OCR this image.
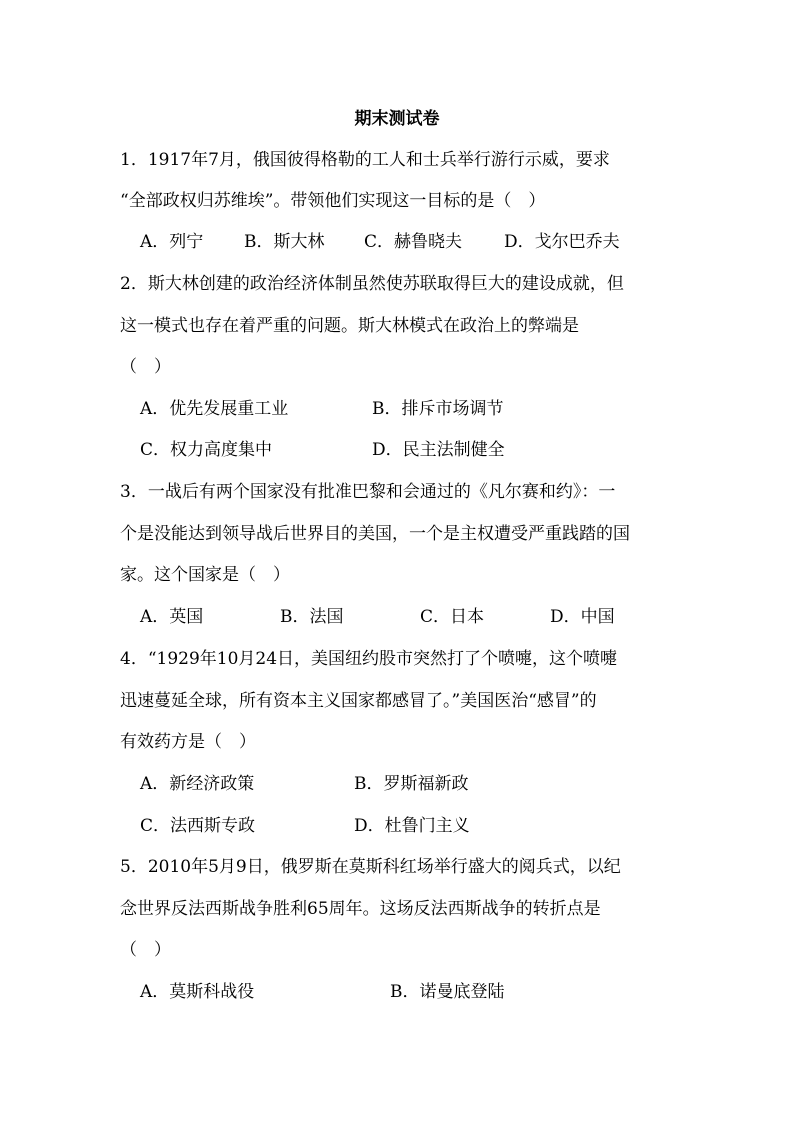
期末测试卷
1．1917年7月，俄国彼得格勒的工人和士兵举行游行示威，要求
“全部政权归苏维埃”。带领他们实现这一目标的是（　）
A．列宁 B．斯大林 C．赫鲁晓夫 D．戈尔巴乔夫
2．斯大林创建的政治经济体制虽然使苏联取得巨大的建设成就，但
这一模式也存在着严重的问题。斯大林模式在政治上的弊端是
（　）
A．优先发展重工业	B．排斥市场调节
C．权力高度集中	D．民主法制健全
3．一战后有两个国家没有批准巴黎和会通过的《凡尔赛和约》：一
个是没能达到领导战后世界目的美国，一个是主权遭受严重践踏的国
家。这个国家是（　）
A．英国	B．法国	C．日本	D．中国
4．“1929年10月24日，美国纽约股市突然打了个喷嚏，这个喷嚏
迅速蔓延全球，所有资本主义国家都感冒了。”美国医治“感冒”的
有效药方是（　）
A．新经济政策	B．罗斯福新政
C．法西斯专政	D．杜鲁门主义
5．2010年5月9日，俄罗斯在莫斯科红场举行盛大的阅兵式，以纪
念世界反法西斯战争胜利65周年。这场反法西斯战争的转折点是
（　）
A．莫斯科战役	B．诺曼底登陆
